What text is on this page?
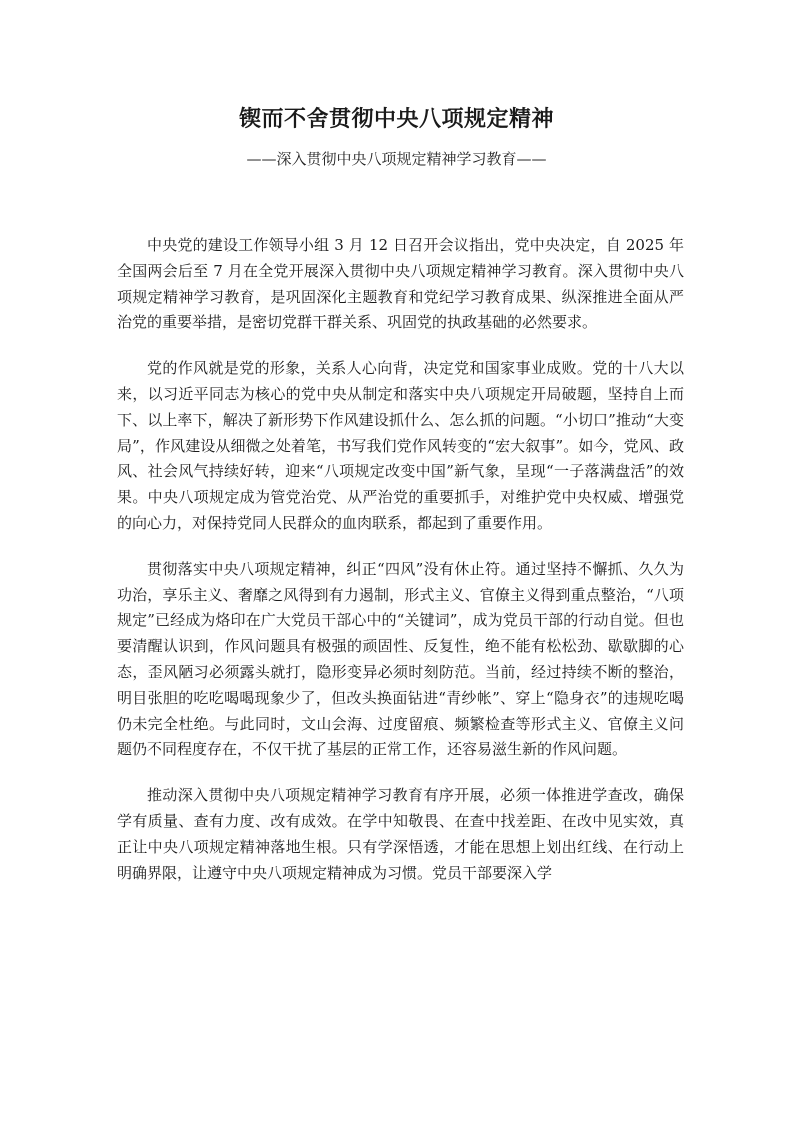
锲而不舍贯彻中央八项规定精神

——深入贯彻中央八项规定精神学习教育——

中央党的建设工作领导小组 3 月 12 日召开会议指出，党中央决定，自 2025 年全国两会后至 7 月在全党开展深入贯彻中央八项规定精神学习教育。深入贯彻中央八项规定精神学习教育，是巩固深化主题教育和党纪学习教育成果、纵深推进全面从严治党的重要举措，是密切党群干群关系、巩固党的执政基础的必然要求。

党的作风就是党的形象，关系人心向背，决定党和国家事业成败。党的十八大以来，以习近平同志为核心的党中央从制定和落实中央八项规定开局破题，坚持自上而下、以上率下，解决了新形势下作风建设抓什么、怎么抓的问题。“小切口”推动“大变局”，作风建设从细微之处着笔，书写我们党作风转变的“宏大叙事”。如今，党风、政风、社会风气持续好转，迎来“八项规定改变中国”新气象，呈现“一子落满盘活”的效果。中央八项规定成为管党治党、从严治党的重要抓手，对维护党中央权威、增强党的向心力，对保持党同人民群众的血肉联系，都起到了重要作用。

贯彻落实中央八项规定精神，纠正“四风”没有休止符。通过坚持不懈抓、久久为功治，享乐主义、奢靡之风得到有力遏制，形式主义、官僚主义得到重点整治，“八项规定”已经成为烙印在广大党员干部心中的“关键词”，成为党员干部的行动自觉。但也要清醒认识到，作风问题具有极强的顽固性、反复性，绝不能有松松劲、歇歇脚的心态，歪风陋习必须露头就打，隐形变异必须时刻防范。当前，经过持续不断的整治，明目张胆的吃吃喝喝现象少了，但改头换面钻进“青纱帐”、穿上“隐身衣”的违规吃喝仍未完全杜绝。与此同时，文山会海、过度留痕、频繁检查等形式主义、官僚主义问题仍不同程度存在，不仅干扰了基层的正常工作，还容易滋生新的作风问题。

推动深入贯彻中央八项规定精神学习教育有序开展，必须一体推进学查改，确保学有质量、查有力度、改有成效。在学中知敬畏、在查中找差距、在改中见实效，真正让中央八项规定精神落地生根。只有学深悟透，才能在思想上划出红线、在行动上明确界限，让遵守中央八项规定精神成为习惯。党员干部要深入学
